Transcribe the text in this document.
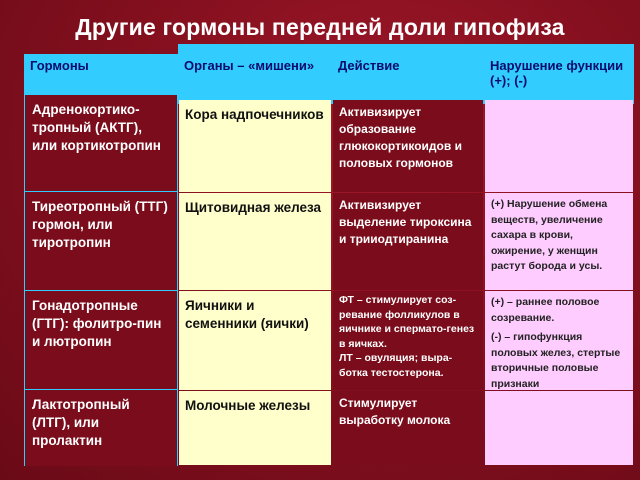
Другие гормоны передней доли гипофиза
Гормоны
Адренокортико-тропный (АКТГ), или кортикотропин
Тиреотропный (ТТГ) гормон, или тиротропин
Гонадотропные (ГТГ): фолитро-пин и лютропин
Лактотропный (ЛТГ), или пролактин
Органы – «мишени»
Кора надпочечников
Щитовидная железа
Яичники и семенники (яички)
Молочные железы
Действие
Активизирует образование глюкокортикоидов и половых гормонов
Активизирует выделение тироксина и трииодтиранина
ФТ – стимулирует соз-ревание фолликулов в яичнике и спермато-генез в яичках.
ЛТ – овуляция; выра-ботка тестостерона.
Стимулирует выработку молока
Нарушение функции (+); (-)
(+) Нарушение обмена веществ, увеличение сахара в крови, ожирение, у женщин растут борода и усы.

(+) – раннее половое созревание.

(-) – гипофункция половых желез, стертые вторичные половые признаки
